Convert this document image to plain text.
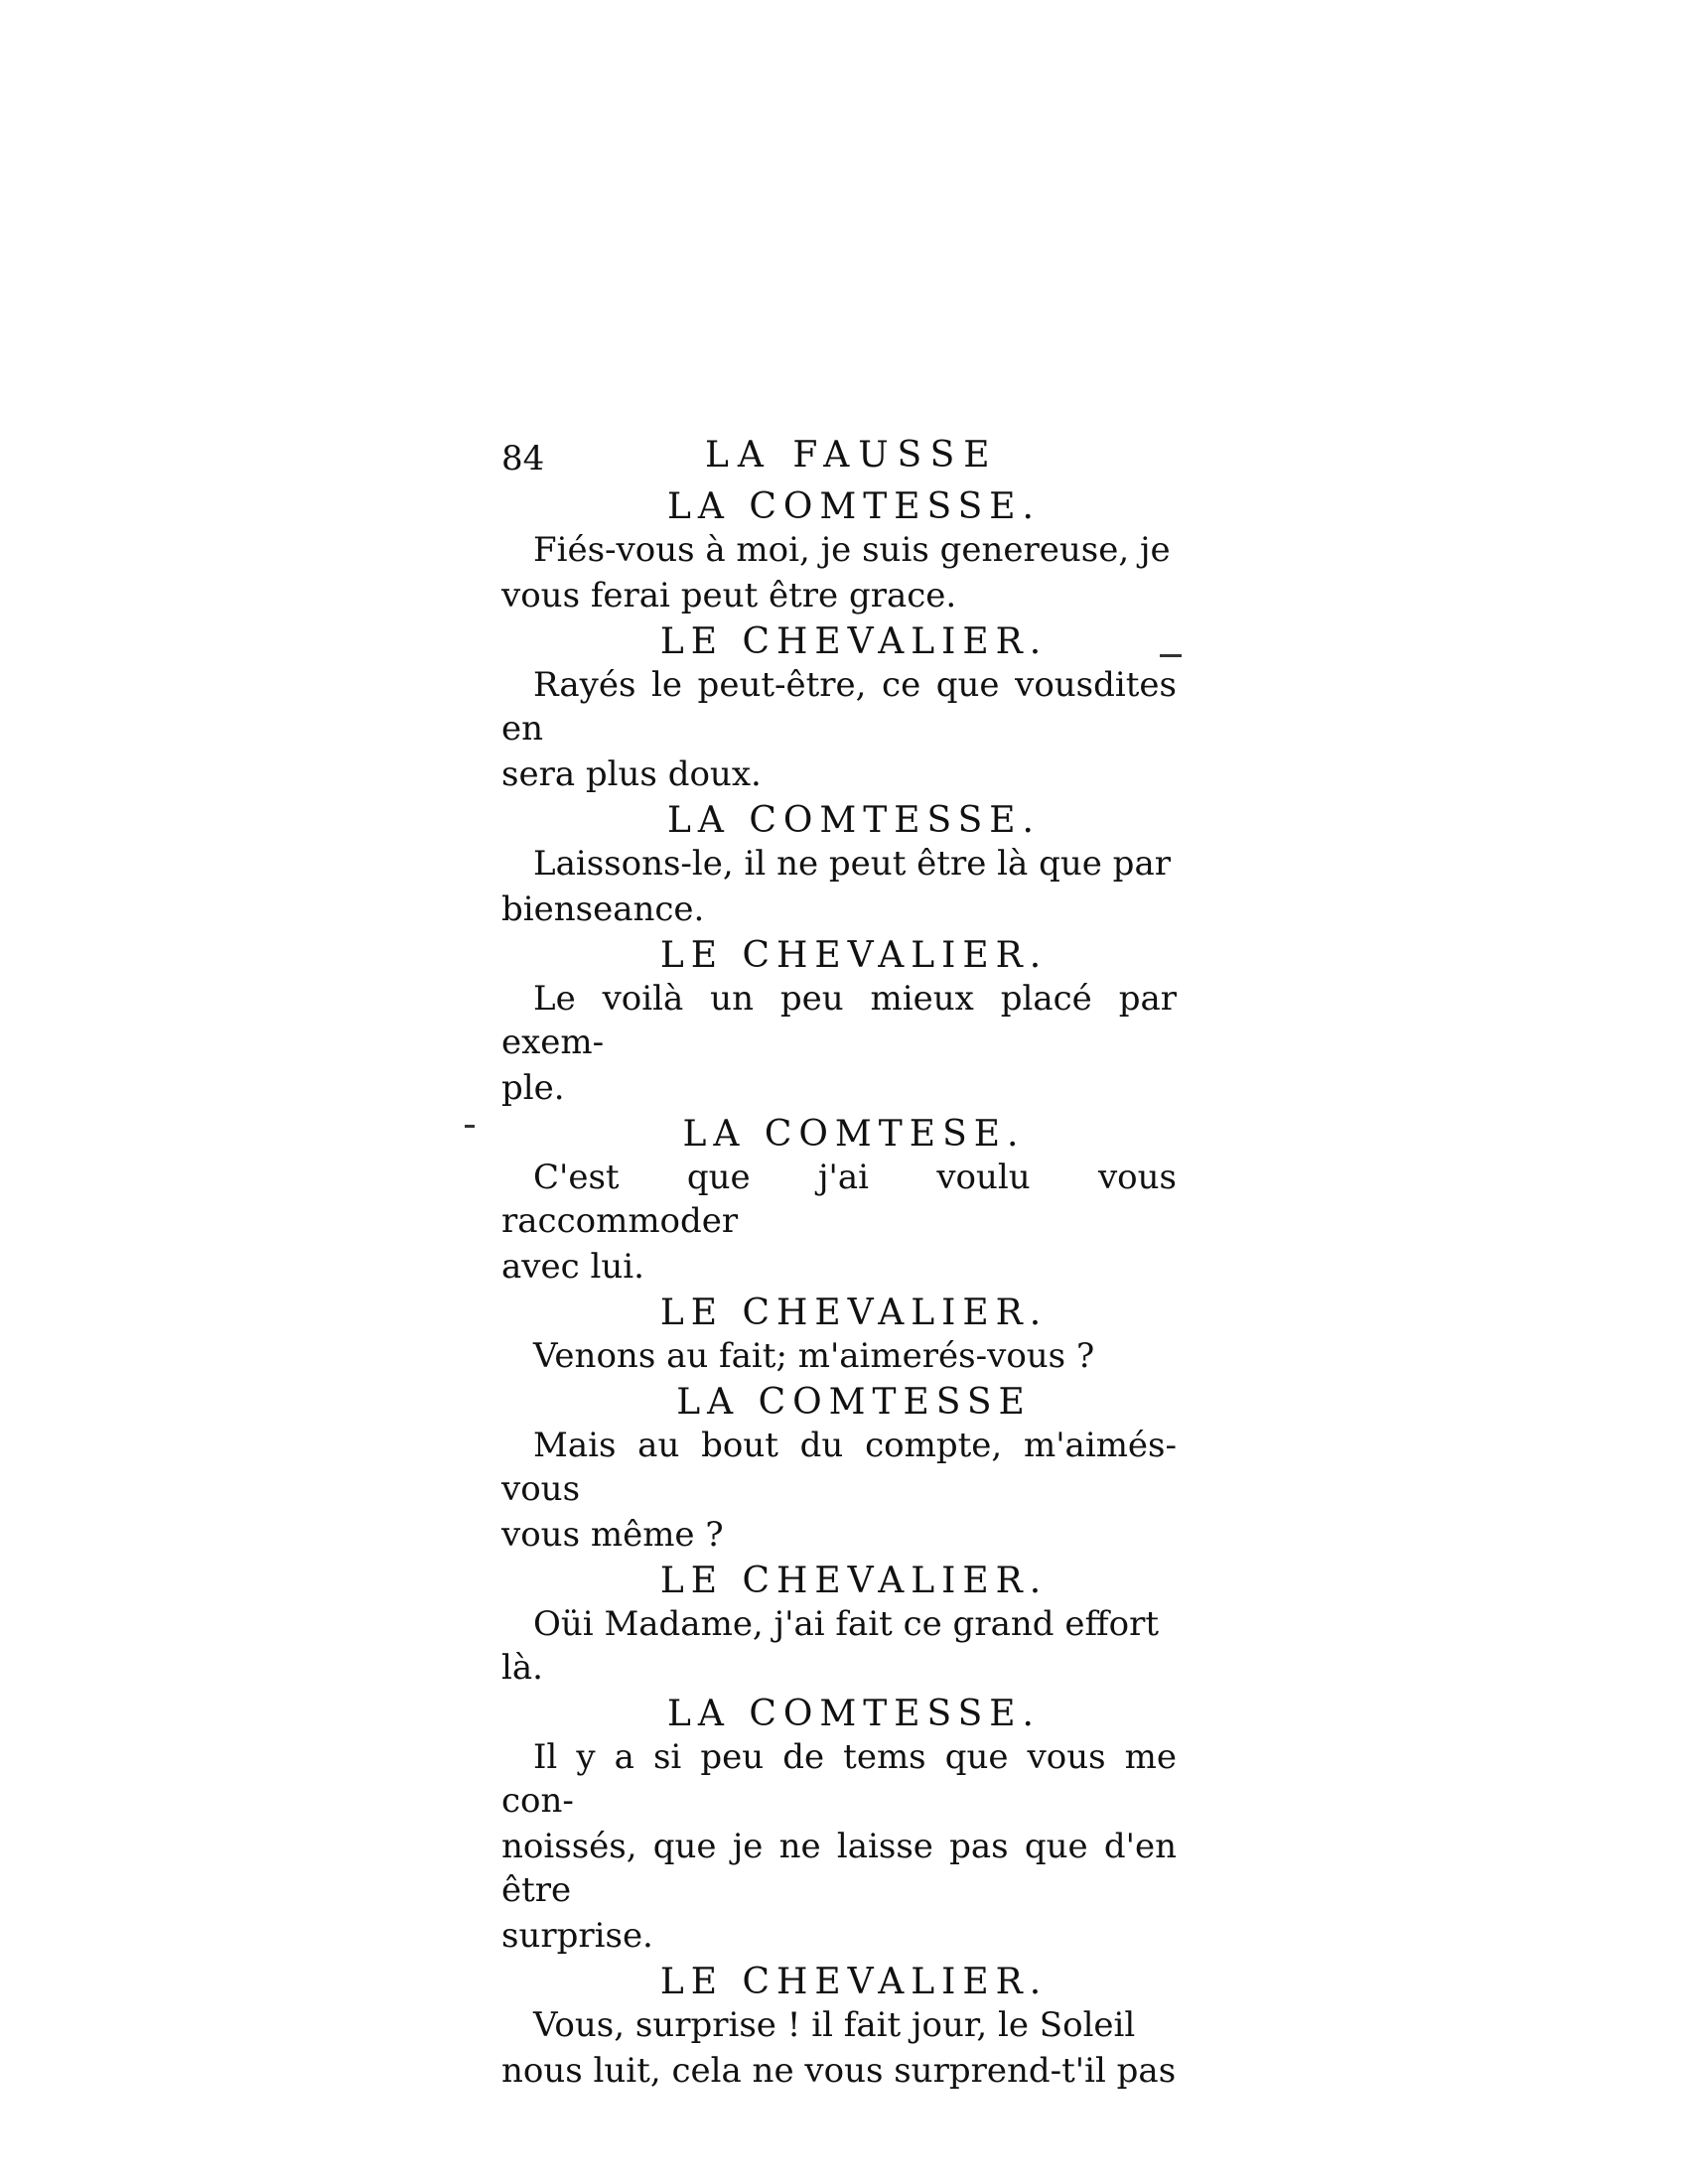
84	LA FAUSSE
LA COMTESSE.
Fiés-vous à moi, je suis genereuse, je
vous ferai peut être grace.
LE CHEVALIER.
Rayés le peut-être, ce que vousdites en
sera plus doux.
LA COMTESSE.
Laissons-le, il ne peut être là que par
bienseance.
LE CHEVALIER.
Le voilà un peu mieux placé par exem-
ple.
LA COMTESE.
C'est que j'ai voulu vous raccommoder
avec lui.
LE CHEVALIER.
Venons au fait; m'aimerés-vous ?
LA COMTESSE
Mais au bout du compte, m'aimés-vous
vous même ?
LE CHEVALIER.
Oüi Madame, j'ai fait ce grand effort là.
LA COMTESSE.
Il y a si peu de tems que vous me con-
noissés, que je ne laisse pas que d'en être
surprise.
LE CHEVALIER.
Vous, surprise ! il fait jour, le Soleil
nous luit, cela ne vous surprend-t'il pas
